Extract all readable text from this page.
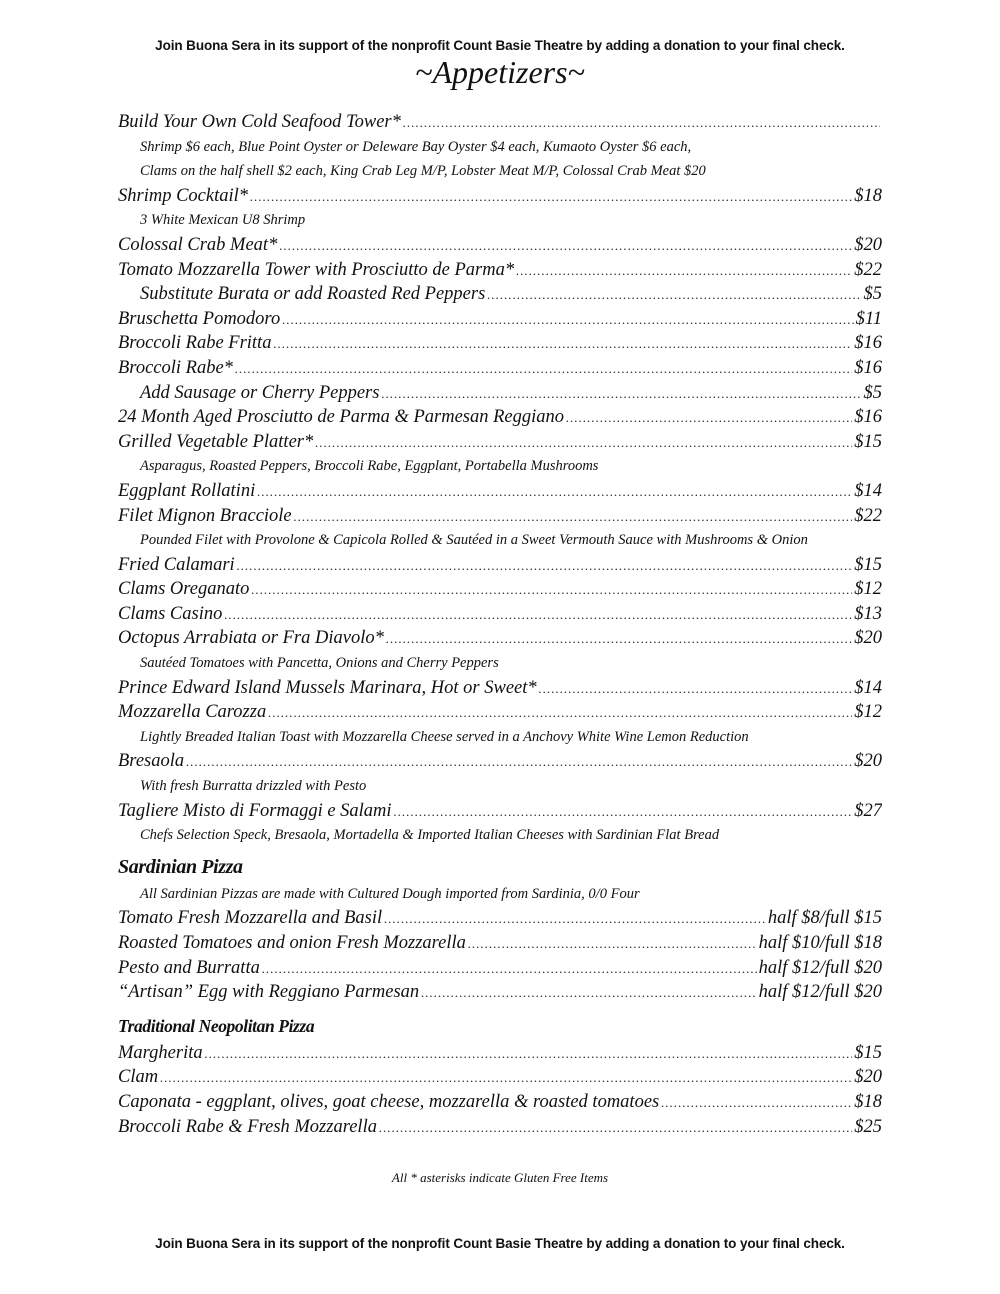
Join Buona Sera in its support of the nonprofit Count Basie Theatre by adding a donation to your final check.
~Appetizers~
Build Your Own Cold Seafood Tower*
.....
Shrimp $6 each, Blue Point Oyster or Deleware Bay Oyster $4 each, Kumaoto Oyster $6 each,
Clams on the half shell $2 each, King Crab Leg M/P, Lobster Meat M/P, Colossal Crab Meat $20
Shrimp Cocktail* .....	$18
3 White Mexican U8 Shrimp
Colossal Crab Meat* .....	$20
Tomato Mozzarella Tower with Prosciutto de Parma* .....	$22
Substitute Burata or add Roasted Red Peppers .....	$5
Bruschetta Pomodoro .....	$11
Broccoli Rabe Fritta .....	$16
Broccoli Rabe* .....	$16
Add Sausage or Cherry Peppers .....	$5
24 Month Aged Prosciutto de Parma & Parmesan Reggiano .....	$16
Grilled Vegetable Platter* .....	$15
Asparagus, Roasted Peppers, Broccoli Rabe, Eggplant, Portabella Mushrooms
Eggplant Rollatini .....	$14
Filet Mignon Bracciole .....	$22
Pounded Filet with Provolone & Capicola Rolled & Sautéed in a Sweet Vermouth Sauce with Mushrooms & Onion
Fried Calamari .....	$15
Clams Oreganato .....	$12
Clams Casino .....	$13
Octopus Arrabiata or Fra Diavolo* .....	$20
Sautéed Tomatoes with Pancetta, Onions and Cherry Peppers
Prince Edward Island Mussels Marinara, Hot or Sweet* .....	$14
Mozzarella Carozza .....	$12
Lightly Breaded Italian Toast with Mozzarella Cheese served in a Anchovy White Wine Lemon Reduction
Bresaola .....	$20
With fresh Burratta drizzled with Pesto
Tagliere Misto di Formaggi e Salami .....	$27
Chefs Selection Speck, Bresaola, Mortadella & Imported Italian Cheeses with Sardinian Flat Bread
Sardinian Pizza
All Sardinian Pizzas are made with Cultured Dough imported from Sardinia, 0/0 Four
Tomato Fresh Mozzarella and Basil .....	half $8/full $15
Roasted Tomatoes and onion Fresh Mozzarella .....	half $10/full $18
Pesto and Burratta .....	half $12/full $20
“Artisan” Egg with Reggiano Parmesan .....	half $12/full $20
Traditional Neopolitan Pizza
Margherita .....	$15
Clam .....	$20
Caponata - eggplant, olives, goat cheese, mozzarella & roasted tomatoes .....	$18
Broccoli Rabe & Fresh Mozzarella .....	$25
All * asterisks indicate Gluten Free Items
Join Buona Sera in its support of the nonprofit Count Basie Theatre by adding a donation to your final check.
